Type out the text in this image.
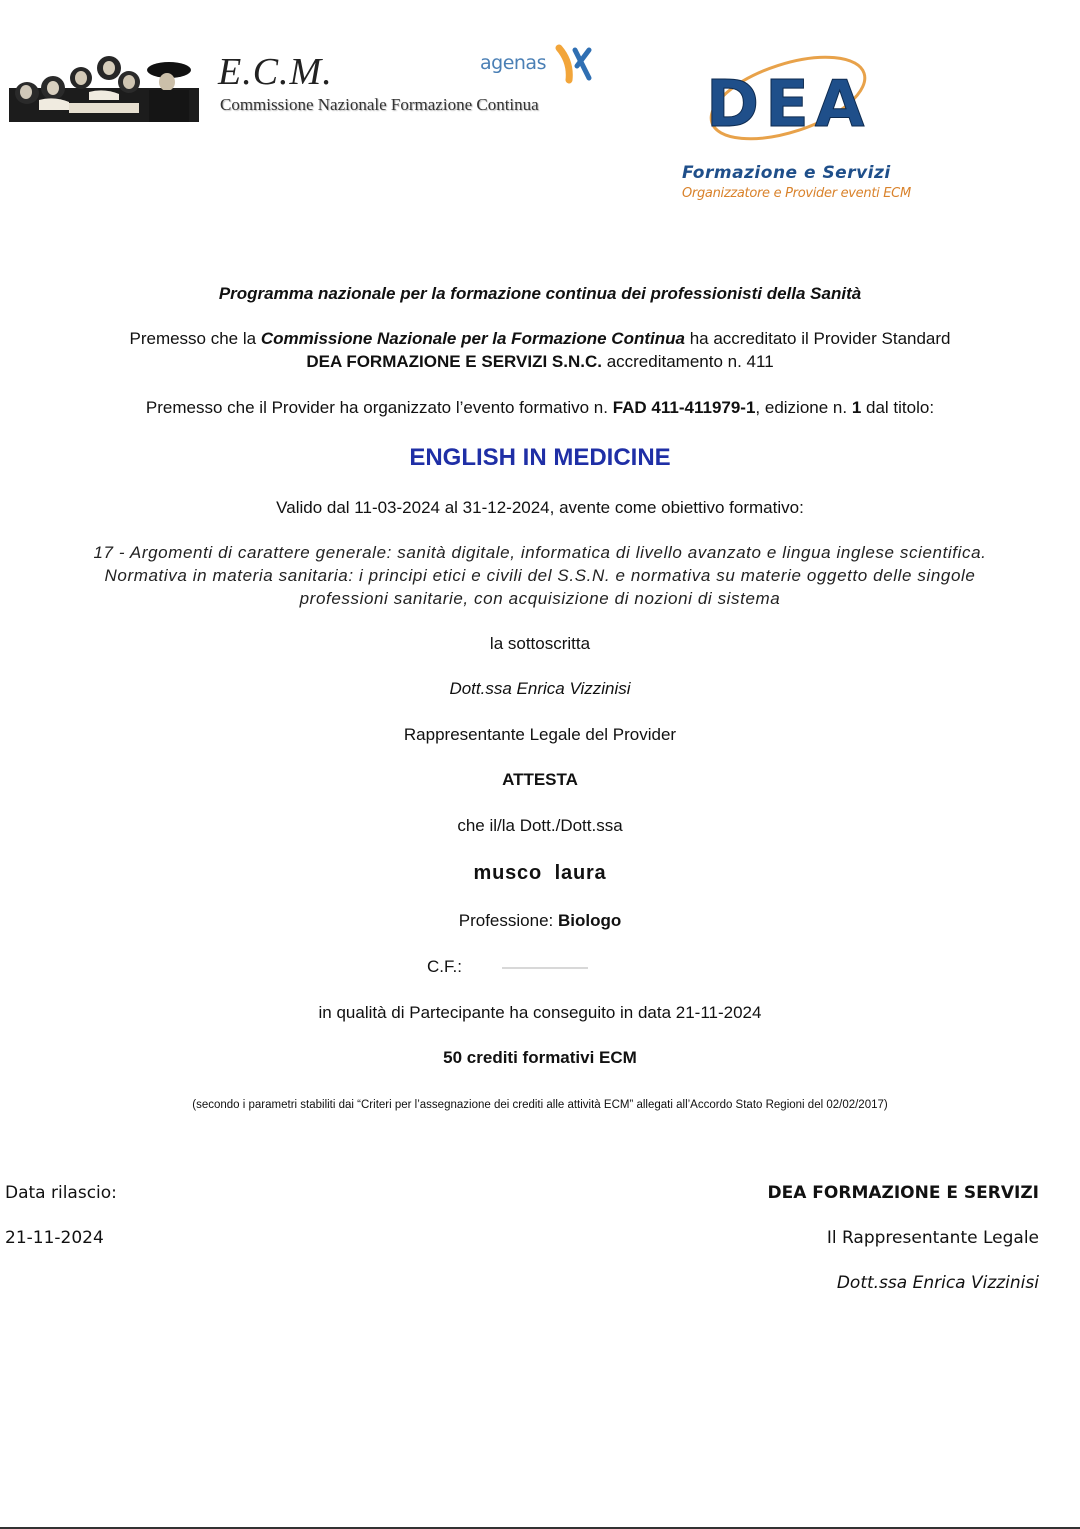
E.C.M.
Commissione Nazionale Formazione Continua
agenas
DEA
Formazione e Servizi
Organizzatore e Provider eventi ECM
Programma nazionale per la formazione continua dei professionisti della Sanità
Premesso che la Commissione Nazionale per la Formazione Continua ha accreditato il Provider Standard
DEA FORMAZIONE E SERVIZI S.N.C. accreditamento n. 411
Premesso che il Provider ha organizzato l’evento formativo n. FAD 411-411979-1, edizione n. 1 dal titolo:
ENGLISH IN MEDICINE
Valido dal 11-03-2024 al 31-12-2024, avente come obiettivo formativo:
17 - Argomenti di carattere generale: sanità digitale, informatica di livello avanzato e lingua inglese scientifica.
Normativa in materia sanitaria: i principi etici e civili del S.S.N. e normativa su materie oggetto delle singole
professioni sanitarie, con acquisizione di nozioni di sistema
la sottoscritta
Dott.ssa Enrica Vizzinisi
Rappresentante Legale del Provider
ATTESTA
che il/la Dott./Dott.ssa
musco  laura
Professione: Biologo
C.F.:
in qualità di Partecipante ha conseguito in data 21-11-2024
50 crediti formativi ECM
(secondo i parametri stabiliti dai “Criteri per l’assegnazione dei crediti alle attività ECM” allegati all’Accordo Stato Regioni del 02/02/2017)
Data rilascio:
21-11-2024
DEA FORMAZIONE E SERVIZI
Il Rappresentante Legale
Dott.ssa Enrica Vizzinisi
